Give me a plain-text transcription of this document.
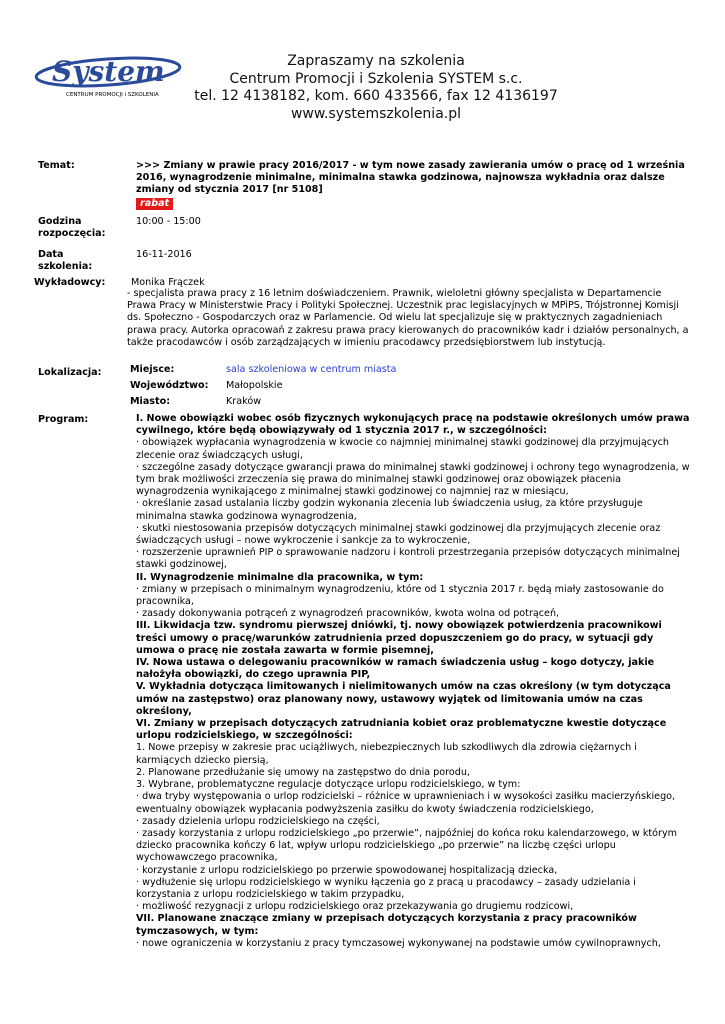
System
CENTRUM PROMOCJI i SZKOLENIA
Zapraszamy na szkolenia
Centrum Promocji i Szkolenia SYSTEM s.c.
tel. 12 4138182, kom. 660 433566, fax 12 4136197
www.systemszkolenia.pl
Temat:	>>> Zmiany w prawie pracy 2016/2017 - w tym nowe zasady zawierania umów o pracę od 1 września 2016, wynagrodzenie minimalne, minimalna stawka godzinowa, najnowsza wykładnia oraz dalsze zmiany od stycznia 2017 [nr 5108]
rabat
Godzina
rozpoczęcia:
10:00 - 15:00
Data
szkolenia:
16-11-2016
Wykładowcy:	Monika Frączek
- specjalista prawa pracy z 16 letnim doświadczeniem. Prawnik, wieloletni główny specjalista w Departamencie Prawa Pracy w Ministerstwie Pracy i Polityki Społecznej. Uczestnik prac legislacyjnych w MPiPS, Trójstronnej Komisji ds. Społeczno - Gospodarczych oraz w Parlamencie. Od wielu lat specjalizuje się w praktycznych zagadnieniach prawa pracy. Autorka opracowań z zakresu prawa pracy kierowanych do pracowników kadr i działów personalnych, a także pracodawców i osób zarządzających w imieniu pracodawcy przedsiębiorstwem lub instytucją.
Lokalizacja:	Miejsce:	sala szkoleniowa w centrum miasta
Województwo: Małopolskie
Miasto:	Kraków
Program:	I. Nowe obowiązki wobec osób fizycznych wykonujących pracę na podstawie określonych umów prawa cywilnego, które będą obowiązywały od 1 stycznia 2017 r., w szczególności:

· obowiązek wypłacania wynagrodzenia w kwocie co najmniej minimalnej stawki godzinowej dla przyjmujących zlecenie oraz świadczących usługi,

· szczególne zasady dotyczące gwarancji prawa do minimalnej stawki godzinowej i ochrony tego wynagrodzenia, w tym brak możliwości zrzeczenia się prawa do minimalnej stawki godzinowej oraz obowiązek płacenia wynagrodzenia wynikającego z minimalnej stawki godzinowej co najmniej raz w miesiącu,

· określanie zasad ustalania liczby godzin wykonania zlecenia lub świadczenia usług, za które przysługuje minimalna stawka godzinowa wynagrodzenia,

· skutki niestosowania przepisów dotyczących minimalnej stawki godzinowej dla przyjmujących zlecenie oraz świadczących usługi – nowe wykroczenie i sankcje za to wykroczenie,

· rozszerzenie uprawnień PIP o sprawowanie nadzoru i kontroli przestrzegania przepisów dotyczących minimalnej stawki godzinowej,

II. Wynagrodzenie minimalne dla pracownika, w tym:

· zmiany w przepisach o minimalnym wynagrodzeniu, które od 1 stycznia 2017 r. będą miały zastosowanie do pracownika,

· zasady dokonywania potrąceń z wynagrodzeń pracowników, kwota wolna od potrąceń,

III. Likwidacja tzw. syndromu pierwszej dniówki, tj. nowy obowiązek potwierdzenia pracownikowi treści umowy o pracę/warunków zatrudnienia przed dopuszczeniem go do pracy, w sytuacji gdy umowa o pracę nie została zawarta w formie pisemnej,

IV. Nowa ustawa o delegowaniu pracowników w ramach świadczenia usług – kogo dotyczy, jakie nałożyła obowiązki, do czego uprawnia PIP,

V. Wykładnia dotycząca limitowanych i nielimitowanych umów na czas określony (w tym dotycząca umów na zastępstwo) oraz planowany nowy, ustawowy wyjątek od limitowania umów na czas określony,

VI. Zmiany w przepisach dotyczących zatrudniania kobiet oraz problematyczne kwestie dotyczące urlopu rodzicielskiego, w szczególności:

1. Nowe przepisy w zakresie prac uciążliwych, niebezpiecznych lub szkodliwych dla zdrowia ciężarnych i karmiących dziecko piersią,

2. Planowane przedłużanie się umowy na zastępstwo do dnia porodu,

3. Wybrane, problematyczne regulacje dotyczące urlopu rodzicielskiego, w tym:

· dwa tryby występowania o urlop rodzicielski – różnice w uprawnieniach i w wysokości zasiłku macierzyńskiego, ewentualny obowiązek wypłacania podwyższenia zasiłku do kwoty świadczenia rodzicielskiego,

· zasady dzielenia urlopu rodzicielskiego na części,

· zasady korzystania z urlopu rodzicielskiego „po przerwie”, najpóźniej do końca roku kalendarzowego, w którym dziecko pracownika kończy 6 lat, wpływ urlopu rodzicielskiego „po przerwie” na liczbę części urlopu wychowawczego pracownika,

· korzystanie z urlopu rodzicielskiego po przerwie spowodowanej hospitalizacją dziecka,

· wydłużenie się urlopu rodzicielskiego w wyniku łączenia go z pracą u pracodawcy – zasady udzielania i korzystania z urlopu rodzicielskiego w takim przypadku,

· możliwość rezygnacji z urlopu rodzicielskiego oraz przekazywania go drugiemu rodzicowi,

VII. Planowane znaczące zmiany w przepisach dotyczących korzystania z pracy pracowników tymczasowych, w tym:

· nowe ograniczenia w korzystaniu z pracy tymczasowej wykonywanej na podstawie umów cywilnoprawnych,
